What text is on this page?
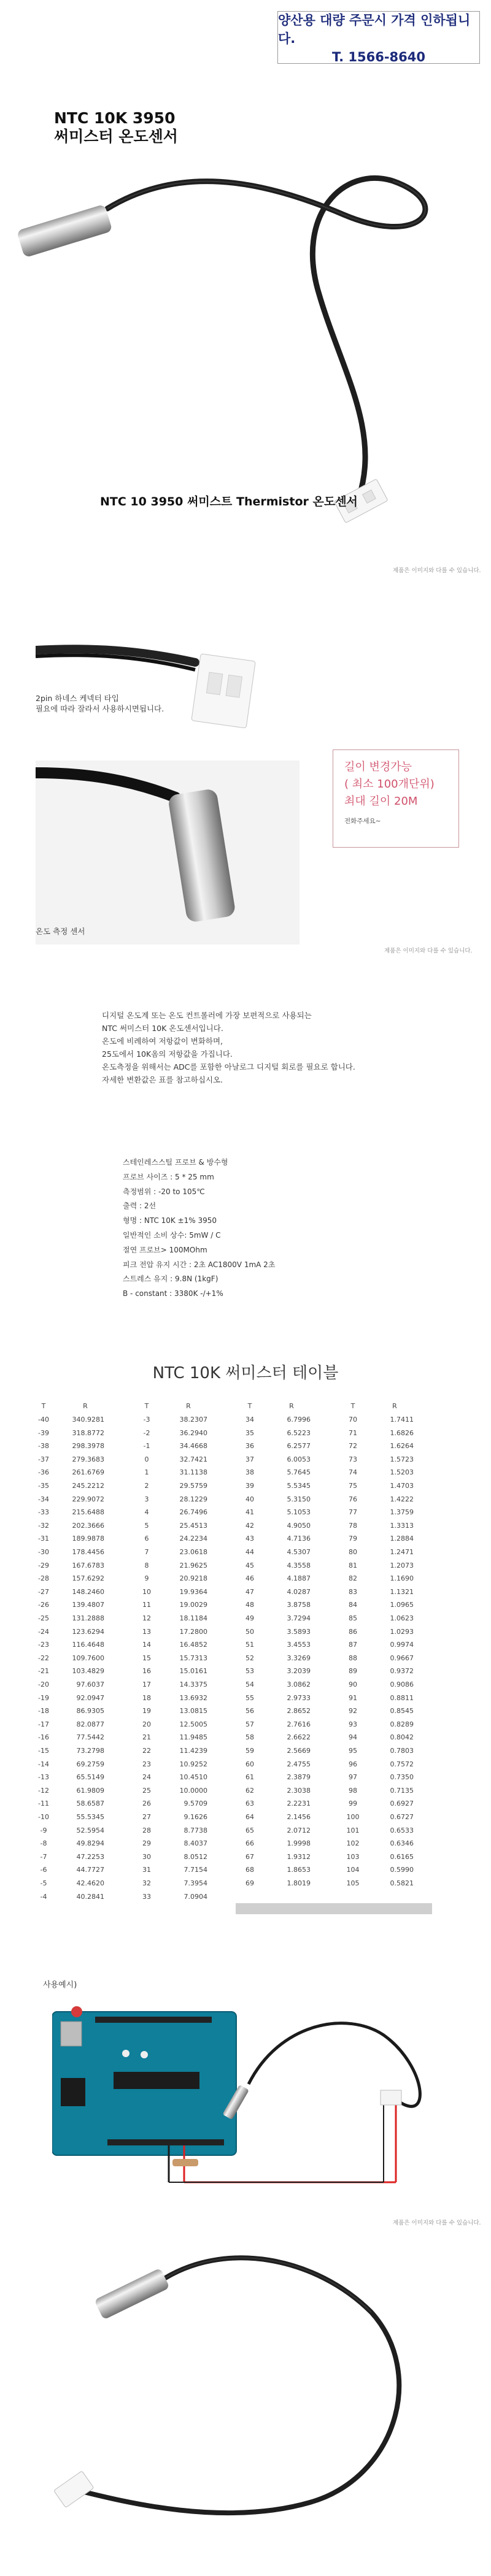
양산용 대량 주문시 가격 인하됩니다.
T. 1566-8640
NTC 10K 3950
써미스터 온도센서
NTC 10 3950 써미스트 Thermistor 온도센서
제품은 이미지와 다를 수 있습니다.
2pin 하네스 케넥터 타입
필요에 따라 잘라서 사용하시면됩니다.
온도 측정 센서
길이 변경가능
( 최소 100개단위)
최대 길이 20M
전화주세요~
제품은 이미지와 다를 수 있습니다.
디지털 온도계 또는 온도 컨트롤러에 가장 보편적으로 사용되는
NTC 써미스터 10K 온도센서입니다.
온도에 비례하여 저항값이 변화하며,
25도에서 10K옴의 저항값을 가집니다.
온도측정을 위해서는 ADC를 포함한 아날로그 디지털 회로를 필요로 합니다.
자세한 변환값은 표를 참고하십시오.
스테인레스스틸 프로브 & 방수형
프로브 사이즈 : 5 * 25 mm
측정범위 : -20 to 105℃
출력 : 2선
형명 : NTC 10K ±1% 3950
일반적인 소비 상수: 5mW / C
절연 프로브> 100MOhm
피크 전압 유지 시간 : 2초 AC1800V 1mA 2초
스트레스 유지 : 9.8N (1kgF)
B - constant : 3380K -/+1%
NTC 10K 써미스터 테이블
T	R
-40	340.9281
-39	318.8772
-38	298.3978
-37	279.3683
-36	261.6769
-35	245.2212
-34	229.9072
-33	215.6488
-32	202.3666
-31	189.9878
-30	178.4456
-29	167.6783
-28	157.6292
-27	148.2460
-26	139.4807
-25	131.2888
-24	123.6294
-23	116.4648
-22	109.7600
-21	103.4829
-20	97.6037
-19	92.0947
-18	86.9305
-17	82.0877
-16	77.5442
-15	73.2798
-14	69.2759
-13	65.5149
-12	61.9809
-11	58.6587
-10	55.5345
-9	52.5954
-8	49.8294
-7	47.2253
-6	44.7727
-5	42.4620
-4	40.2841
T	R
-3	38.2307
-2	36.2940
-1	34.4668
0	32.7421
1	31.1138
2	29.5759
3	28.1229
4	26.7496
5	25.4513
6	24.2234
7	23.0618
8	21.9625
9	20.9218
10	19.9364
11	19.0029
12	18.1184
13	17.2800
14	16.4852
15	15.7313
16	15.0161
17	14.3375
18	13.6932
19	13.0815
20	12.5005
21	11.9485
22	11.4239
23	10.9252
24	10.4510
25	10.0000
26	9.5709
27	9.1626
28	8.7738
29	8.4037
30	8.0512
31	7.7154
32	7.3954
33	7.0904
T	R
34	6.7996
35	6.5223
36	6.2577
37	6.0053
38	5.7645
39	5.5345
40	5.3150
41	5.1053
42	4.9050
43	4.7136
44	4.5307
45	4.3558
46	4.1887
47	4.0287
48	3.8758
49	3.7294
50	3.5893
51	3.4553
52	3.3269
53	3.2039
54	3.0862
55	2.9733
56	2.8652
57	2.7616
58	2.6622
59	2.5669
60	2.4755
61	2.3879
62	2.3038
63	2.2231
64	2.1456
65	2.0712
66	1.9998
67	1.9312
68	1.8653
69	1.8019
T	R
70	1.7411
71	1.6826
72	1.6264
73	1.5723
74	1.5203
75	1.4703
76	1.4222
77	1.3759
78	1.3313
79	1.2884
80	1.2471
81	1.2073
82	1.1690
83	1.1321
84	1.0965
85	1.0623
86	1.0293
87	0.9974
88	0.9667
89	0.9372
90	0.9086
91	0.8811
92	0.8545
93	0.8289
94	0.8042
95	0.7803
96	0.7572
97	0.7350
98	0.7135
99	0.6927
100	0.6727
101	0.6533
102	0.6346
103	0.6165
104	0.5990
105	0.5821
사용예시)
제품은 이미지와 다를 수 있습니다.
